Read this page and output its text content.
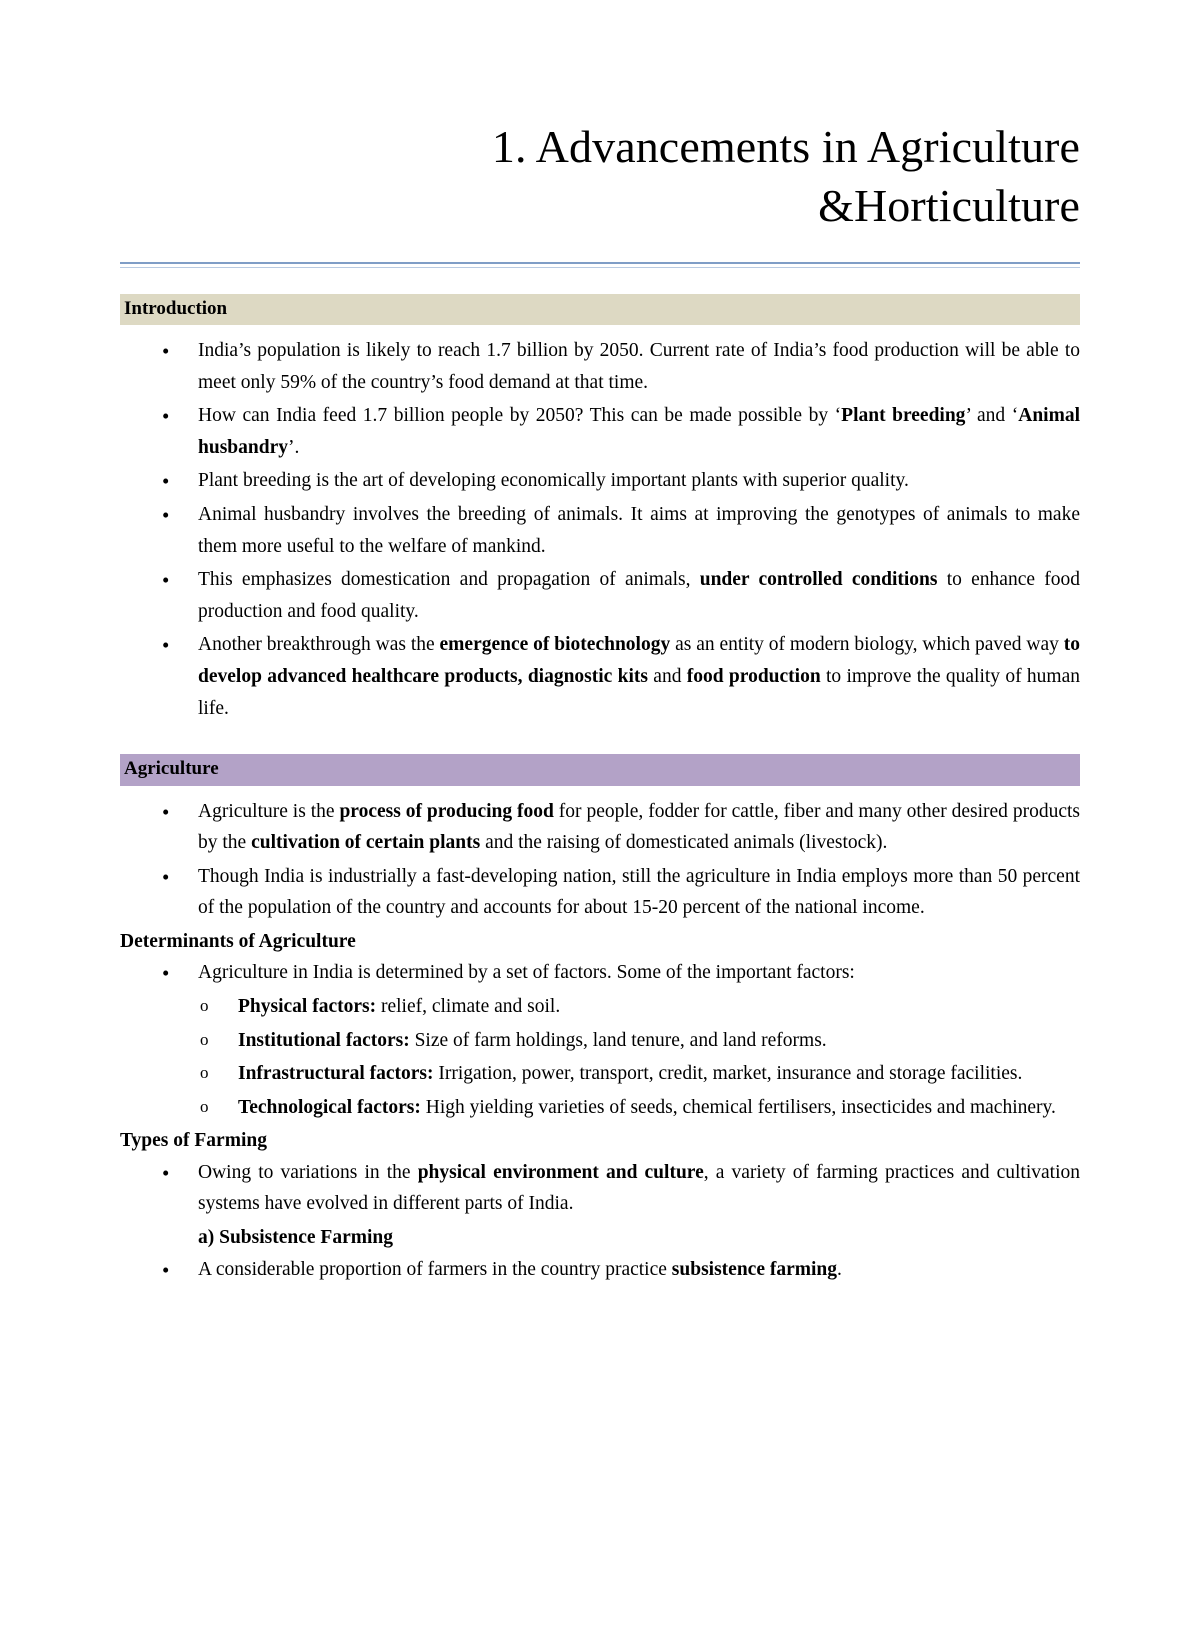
1. Advancements in Agriculture
&Horticulture
Introduction
• India’s population is likely to reach 1.7 billion by 2050. Current rate of India’s food production will be able to meet only 59% of the country’s food demand at that time.
• How can India feed 1.7 billion people by 2050? This can be made possible by ‘Plant breeding’ and ‘Animal husbandry’.
• Plant breeding is the art of developing economically important plants with superior quality.
• Animal husbandry involves the breeding of animals. It aims at improving the genotypes of animals to make them more useful to the welfare of mankind.
• This emphasizes domestication and propagation of animals, under controlled conditions to enhance food production and food quality.
• Another breakthrough was the emergence of biotechnology as an entity of modern biology, which paved way to develop advanced healthcare products, diagnostic kits and food production to improve the quality of human life.
Agriculture
• Agriculture is the process of producing food for people, fodder for cattle, fiber and many other desired products by the cultivation of certain plants and the raising of domesticated animals (livestock).
• Though India is industrially a fast-developing nation, still the agriculture in India employs more than 50 percent of the population of the country and accounts for about 15-20 percent of the national income.
Determinants of Agriculture
• Agriculture in India is determined by a set of factors. Some of the important factors:
o Physical factors: relief, climate and soil.
o Institutional factors: Size of farm holdings, land tenure, and land reforms.
o Infrastructural factors: Irrigation, power, transport, credit, market, insurance and storage facilities.
o Technological factors: High yielding varieties of seeds, chemical fertilisers, insecticides and machinery.
Types of Farming
• Owing to variations in the physical environment and culture, a variety of farming practices and cultivation systems have evolved in different parts of India.
a) Subsistence Farming
• A considerable proportion of farmers in the country practice subsistence farming.
